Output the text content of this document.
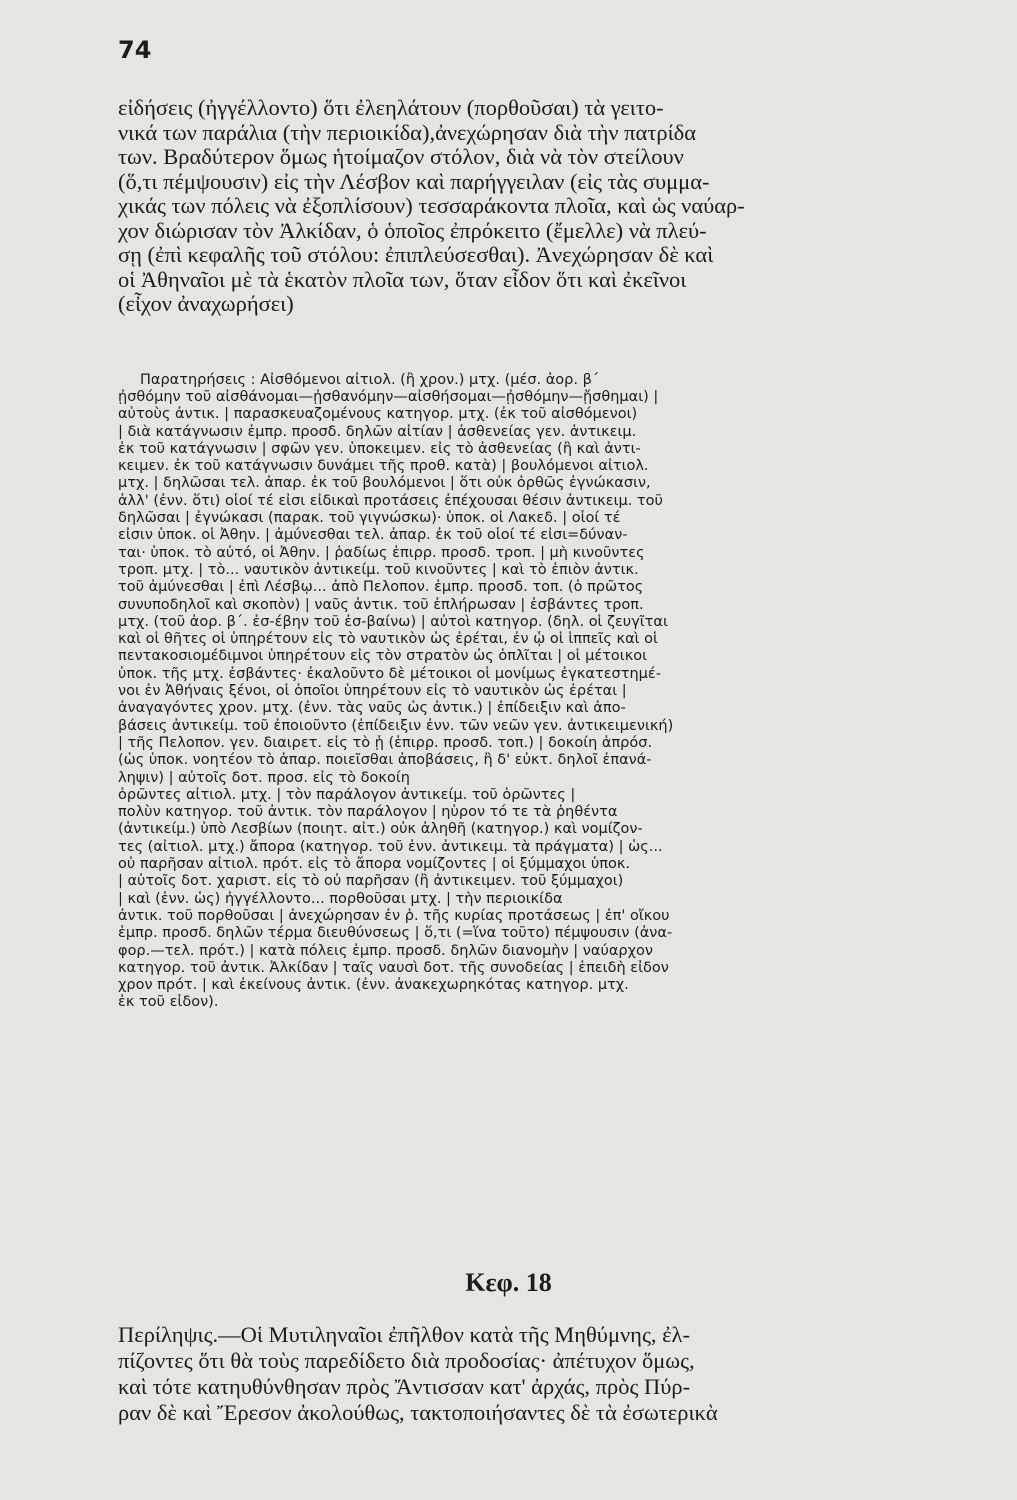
74
εἰδήσεις (ἠγγέλλοντο) ὅτι ἐλεηλάτουν (πορθοῦσαι) τὰ γειτο-
νικά των παράλια (τὴν περιοικίδα),ἀνεχώρησαν διὰ τὴν πατρίδα
των. Βραδύτερον ὅμως ἡτοίμαζον στόλον, διὰ νὰ τὸν στείλουν
(ὅ,τι πέμψουσιν) εἰς τὴν Λέσβον καὶ παρήγγειλαν (εἰς τὰς συμμα-
χικάς των πόλεις νὰ ἐξοπλίσουν) τεσσαράκοντα πλοῖα, καὶ ὡς ναύαρ-
χον διώρισαν τὸν Ἀλκίδαν, ὁ ὁποῖος ἐπρόκειτο (ἔμελλε) νὰ πλεύ-
σῃ (ἐπὶ κεφαλῆς τοῦ στόλου: ἐπιπλεύσεσθαι). Ἀνεχώρησαν δὲ καὶ
οἱ Ἀθηναῖοι μὲ τὰ ἑκατὸν πλοῖα των, ὅταν εἶδον ὅτι καὶ ἐκεῖνοι
(εἶχον ἀναχωρήσει)
Παρατηρήσεις : Αἰσθόμενοι αἰτιολ. (ἢ χρον.) μτχ. (μέσ. ἀορ. β΄
ᾐσθόμην τοῦ αἰσθάνομαι—ᾐσθανόμην—αἰσθήσομαι—ᾐσθόμην—ᾔσθημαι) |
αὐτοὺς ἀντικ. | παρασκευαζομένους κατηγορ. μτχ. (ἐκ τοῦ αἰσθόμενοι)
| διὰ κατάγνωσιν ἐμπρ. προσδ. δηλῶν αἰτίαν | ἀσθενείας γεν. ἀντικειμ.
ἐκ τοῦ κατάγνωσιν | σφῶν γεν. ὑποκειμεν. εἰς τὸ ἀσθενείας (ἢ καὶ ἀντι-
κειμεν. ἐκ τοῦ κατάγνωσιν δυνάμει τῆς προθ. κατὰ) | βουλόμενοι αἰτιολ.
μτχ. | δηλῶσαι τελ. ἀπαρ. ἐκ τοῦ βουλόμενοι | ὅτι οὐκ ὀρθῶς ἐγνώκασιν,
ἀλλ' (ἐνν. ὅτι) οἷοί τέ εἰσι εἰδικαὶ προτάσεις ἐπέχουσαι θέσιν ἀντικειμ. τοῦ
δηλῶσαι | ἐγνώκασι (παρακ. τοῦ γιγνώσκω)· ὑποκ. οἱ Λακεδ. | οἷοί τέ
εἰσιν ὑποκ. οἱ Ἀθην. | ἀμύνεσθαι τελ. ἀπαρ. ἐκ τοῦ οἷοί τέ εἰσι=δύναν-
ται· ὑποκ. τὸ αὐτό, οἱ Ἀθην. | ῥαδίως ἐπιρρ. προσδ. τροπ. | μὴ κινοῦντες
τροπ. μτχ. | τὸ... ναυτικὸν ἀντικείμ. τοῦ κινοῦντες | καὶ τὸ ἐπιὸν ἀντικ.
τοῦ ἀμύνεσθαι | ἐπὶ Λέσβῳ... ἀπὸ Πελοπον. ἐμπρ. προσδ. τοπ. (ὁ πρῶτος
συνυποδηλοῖ καὶ σκοπὸν) | ναῦς ἀντικ. τοῦ ἐπλήρωσαν | ἐσβάντες τροπ.
μτχ. (τοῦ ἀορ. β΄. ἐσ-έβην τοῦ ἐσ-βαίνω) | αὐτοὶ κατηγορ. (δηλ. οἱ ζευγῖται
καὶ οἱ θῆτες οἱ ὑπηρέτουν εἰς τὸ ναυτικὸν ὡς ἐρέται, ἐν ᾧ οἱ ἱππεῖς καὶ οἱ
πεντακοσιομέδιμνοι ὑπηρέτουν εἰς τὸν στρατὸν ὡς ὁπλῖται | οἱ μέτοικοι
ὑποκ. τῆς μτχ. ἐσβάντες· ἐκαλοῦντο δὲ μέτοικοι οἱ μονίμως ἐγκατεστημέ-
νοι ἐν Ἀθήναις ξένοι, οἱ ὁποῖοι ὑπηρέτουν εἰς τὸ ναυτικὸν ὡς ἐρέται |
ἀναγαγόντες χρον. μτχ. (ἐνν. τὰς ναῦς ὡς ἀντικ.) | ἐπίδειξιν καὶ ἀπο-
βάσεις ἀντικείμ. τοῦ ἐποιοῦντο (ἐπίδειξιν ἐνν. τῶν νεῶν γεν. ἀντικειμενική)
| τῆς Πελοπον. γεν. διαιρετ. εἰς τὸ ᾗ (ἐπιρρ. προσδ. τοπ.) | δοκοίη ἀπρόσ.
(ὡς ὑποκ. νοητέον τὸ ἀπαρ. ποιεῖσθαι ἀποβάσεις, ἢ δ' εὐκτ. δηλοῖ ἐπανά-
ληψιν) | αὐτοῖς δοτ. προσ. εἰς τὸ δοκοίη
ὁρῶντες αἰτιολ. μτχ. | τὸν παράλογον ἀντικείμ. τοῦ ὁρῶντες |
πολὺν κατηγορ. τοῦ ἀντικ. τὸν παράλογον | ηὗρον τό τε τὰ ῥηθέντα
(ἀντικείμ.) ὑπὸ Λεσβίων (ποιητ. αἰτ.) οὐκ ἀληθῆ (κατηγορ.) καὶ νομίζον-
τες (αἰτιολ. μτχ.) ἄπορα (κατηγορ. τοῦ ἐνν. ἀντικειμ. τὰ πράγματα) | ὡς...
οὐ παρῆσαν αἰτιολ. πρότ. εἰς τὸ ἄπορα νομίζοντες | οἱ ξύμμαχοι ὑποκ.
| αὐτοῖς δοτ. χαριστ. εἰς τὸ οὐ παρῆσαν (ἢ ἀντικειμεν. τοῦ ξύμμαχοι)
| καὶ (ἐνν. ὡς) ἠγγέλλοντο... πορθοῦσαι μτχ. | τὴν περιοικίδα
ἀντικ. τοῦ πορθοῦσαι | ἀνεχώρησαν ἐν ῥ. τῆς κυρίας προτάσεως | ἐπ' οἴκου
ἐμπρ. προσδ. δηλῶν τέρμα διευθύνσεως | ὅ,τι (=ἵνα τοῦτο) πέμψουσιν (ἀνα-
φορ.—τελ. πρότ.) | κατὰ πόλεις ἐμπρ. προσδ. δηλῶν διανομὴν | ναύαρχον
κατηγορ. τοῦ ἀντικ. Ἀλκίδαν | ταῖς ναυσὶ δοτ. τῆς συνοδείας | ἐπειδὴ εἶδον
χρον πρότ. | καὶ ἐκείνους ἀντικ. (ἐνν. ἀνακεχωρηκότας κατηγορ. μτχ.
ἐκ τοῦ εἶδον).
Κεφ. 18
Περίληψις.—Οἱ Μυτιληναῖοι ἐπῆλθον κατὰ τῆς Μηθύμνης, ἐλ-
πίζοντες ὅτι θὰ τοὺς παρεδίδετο διὰ προδοσίας· ἀπέτυχον ὅμως,
καὶ τότε κατηυθύνθησαν πρὸς Ἄντισσαν κατ' ἀρχάς, πρὸς Πύρ-
ραν δὲ καὶ Ἔρεσον ἀκολούθως, τακτοποιήσαντες δὲ τὰ ἐσωτερικὰ
